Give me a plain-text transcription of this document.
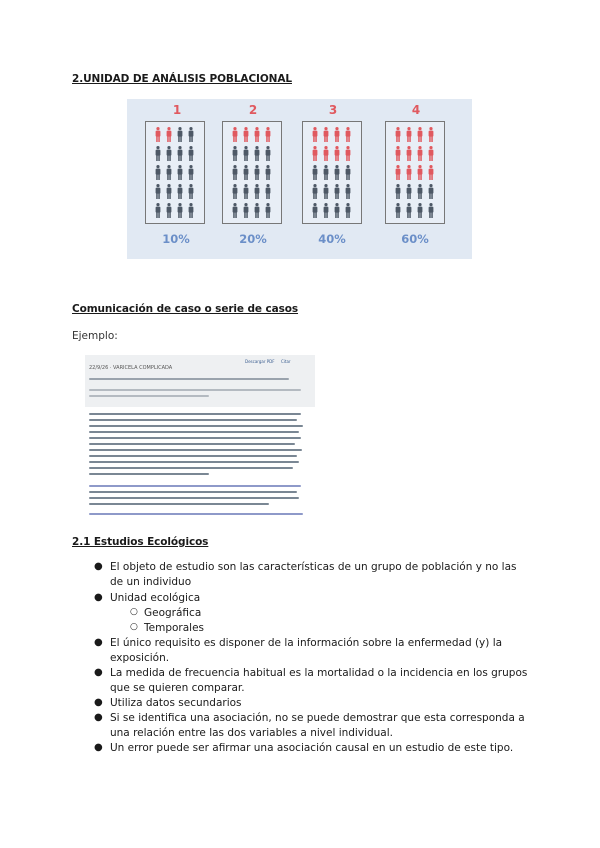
2.UNIDAD DE ANÁLISIS POBLACIONAL
1	2	3	4
10%	20%	40%	60%
Comunicación de caso o serie de casos
Ejemplo:
22/9/26 · VARICELA COMPLICADA
Descargar PDF Citar
2.1 Estudios Ecológicos
● El objeto de estudio son las características de un grupo de población y no las de un individuo
● Unidad ecológica
○ Geográfica
○ Temporales
● El único requisito es disponer de la información sobre la enfermedad (y) la exposición.
● La medida de frecuencia habitual es la mortalidad o la incidencia en los grupos que se quieren comparar.
● Utiliza datos secundarios
● Si se identifica una asociación, no se puede demostrar que esta corresponda a una relación entre las dos variables a nivel individual.
● Un error puede ser afirmar una asociación causal en un estudio de este tipo.
